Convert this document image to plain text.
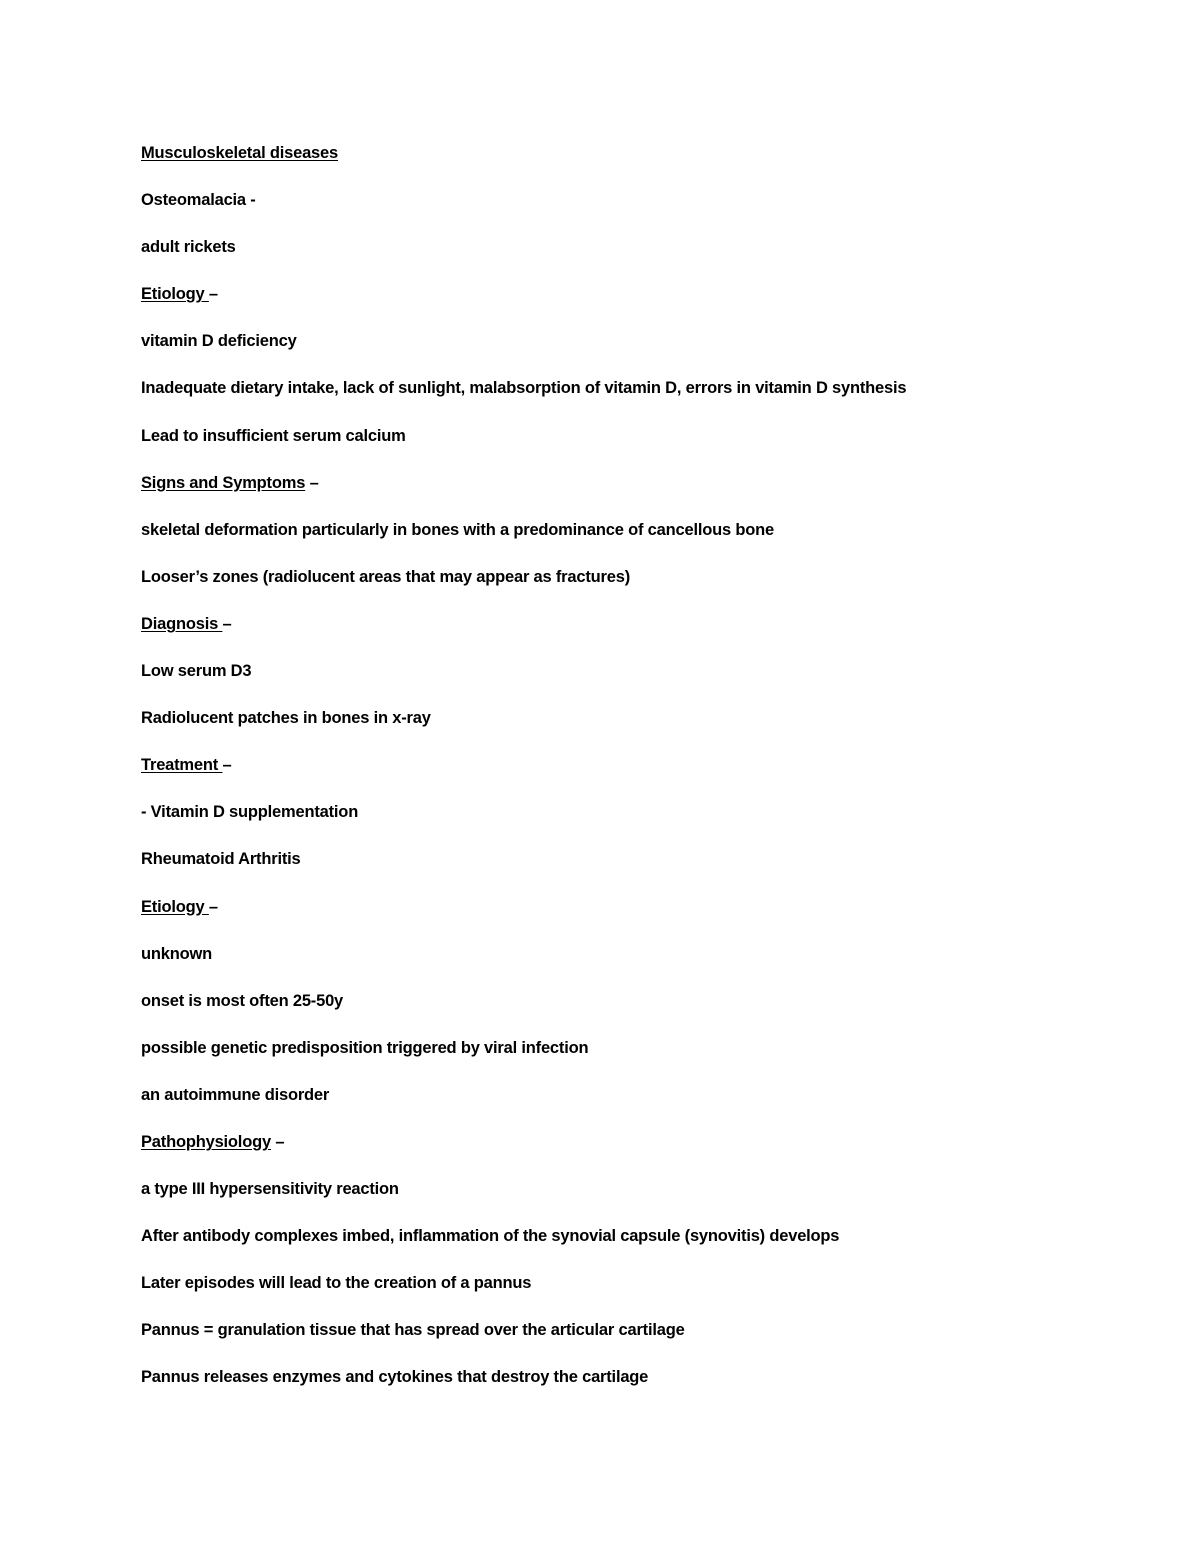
Musculoskeletal diseases
Osteomalacia -
adult rickets
Etiology –
vitamin D deficiency
Inadequate dietary intake, lack of sunlight, malabsorption of vitamin D, errors in vitamin D synthesis
Lead to insufficient serum calcium
Signs and Symptoms –
skeletal deformation particularly in bones with a predominance of cancellous bone
Looser’s zones (radiolucent areas that may appear as fractures)
Diagnosis –
Low serum D3
Radiolucent patches in bones in x-ray
Treatment –
- Vitamin D supplementation
Rheumatoid Arthritis
Etiology –
unknown
onset is most often 25-50y
possible genetic predisposition triggered by viral infection
an autoimmune disorder
Pathophysiology –
a type III hypersensitivity reaction
After antibody complexes imbed, inflammation of the synovial capsule (synovitis) develops
Later episodes will lead to the creation of a pannus
Pannus = granulation tissue that has spread over the articular cartilage
Pannus releases enzymes and cytokines that destroy the cartilage
